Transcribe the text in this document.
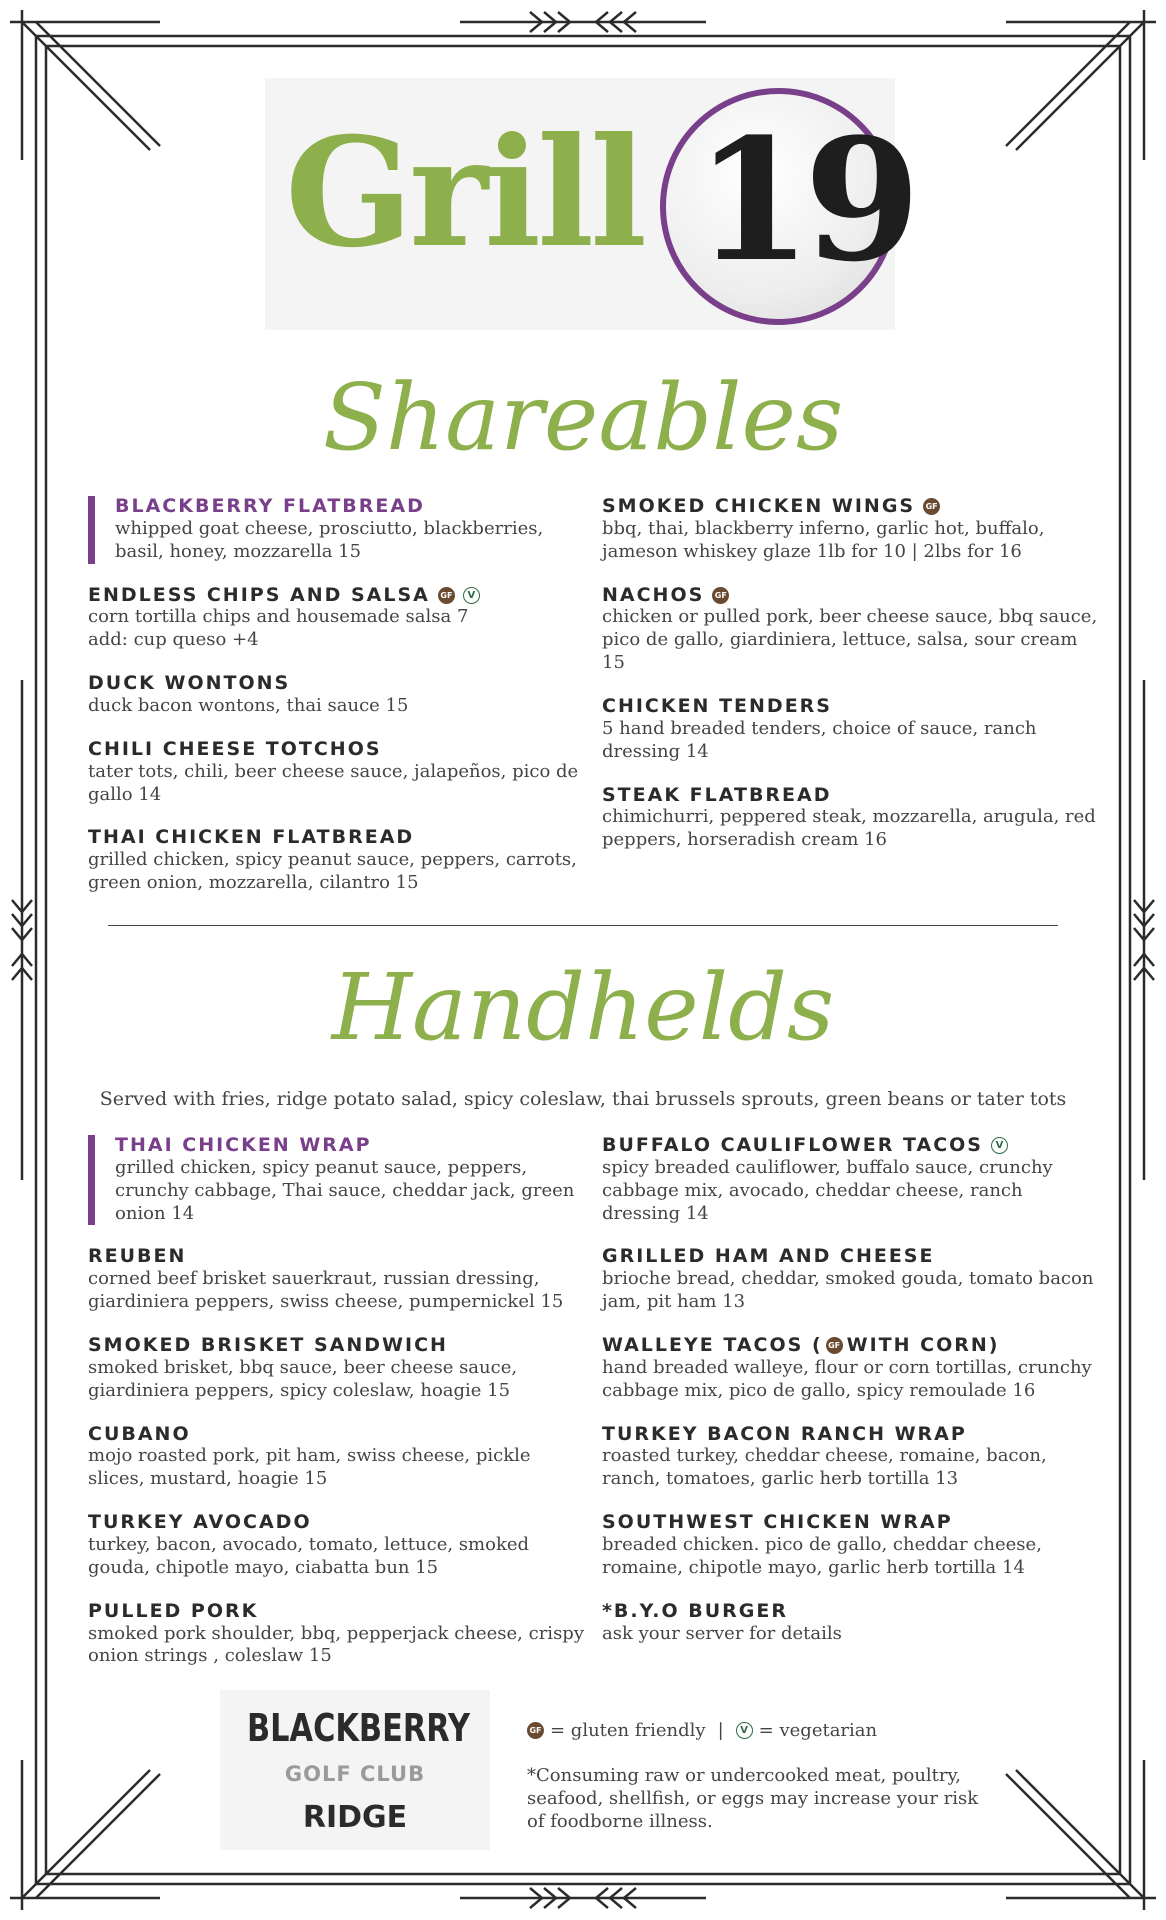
Grill 19
Shareables
BLACKBERRY FLATBREAD
whipped goat cheese, prosciutto, blackberries, basil, honey, mozzarella 15
ENDLESS CHIPS AND SALSA	GF	V
corn tortilla chips and housemade salsa 7
add: cup queso +4
DUCK WONTONS
duck bacon wontons, thai sauce 15
CHILI CHEESE TOTCHOS
tater tots, chili, beer cheese sauce, jalapeños, pico de gallo 14
THAI CHICKEN FLATBREAD
grilled chicken, spicy peanut sauce, peppers, carrots, green onion, mozzarella, cilantro 15
SMOKED CHICKEN WINGS	GF
bbq, thai, blackberry inferno, garlic hot, buffalo, jameson whiskey glaze 1lb for 10 | 2lbs for 16
NACHOS	GF
chicken or pulled pork, beer cheese sauce, bbq sauce, pico de gallo, giardiniera, lettuce, salsa, sour cream 15
CHICKEN TENDERS
5 hand breaded tenders, choice of sauce, ranch dressing 14
STEAK FLATBREAD
chimichurri, peppered steak, mozzarella, arugula, red peppers, horseradish cream 16
Handhelds
Served with fries, ridge potato salad, spicy coleslaw, thai brussels sprouts, green beans or tater tots
THAI CHICKEN WRAP
grilled chicken, spicy peanut sauce, peppers, crunchy cabbage, Thai sauce, cheddar jack, green onion 14
REUBEN
corned beef brisket sauerkraut, russian dressing, giardiniera peppers, swiss cheese, pumpernickel 15
SMOKED BRISKET SANDWICH
smoked brisket, bbq sauce, beer cheese sauce, giardiniera peppers, spicy coleslaw, hoagie 15
CUBANO
mojo roasted pork, pit ham, swiss cheese, pickle slices, mustard, hoagie 15
TURKEY AVOCADO
turkey, bacon, avocado, tomato, lettuce, smoked gouda, chipotle mayo, ciabatta bun 15
PULLED PORK
smoked pork shoulder, bbq, pepperjack cheese, crispy onion strings , coleslaw 15
BUFFALO CAULIFLOWER TACOS	V
spicy breaded cauliflower, buffalo sauce, crunchy cabbage mix, avocado, cheddar cheese, ranch dressing 14
GRILLED HAM AND CHEESE
brioche bread, cheddar, smoked gouda, tomato bacon jam, pit ham 13
WALLEYE TACOS ( GF WITH CORN)
hand breaded walleye, flour or corn tortillas, crunchy cabbage mix, pico de gallo, spicy remoulade 16
TURKEY BACON RANCH WRAP
roasted turkey, cheddar cheese, romaine, bacon, ranch, tomatoes, garlic herb tortilla 13
SOUTHWEST CHICKEN WRAP
breaded chicken. pico de gallo, cheddar cheese, romaine, chipotle mayo, garlic herb tortilla 14
*B.Y.O BURGER
ask your server for details
BLACKBERRY
GOLF CLUB
RIDGE
GF = gluten friendly |	V = vegetarian
*Consuming raw or undercooked meat, poultry, seafood, shellfish, or eggs may increase your risk of foodborne illness.
